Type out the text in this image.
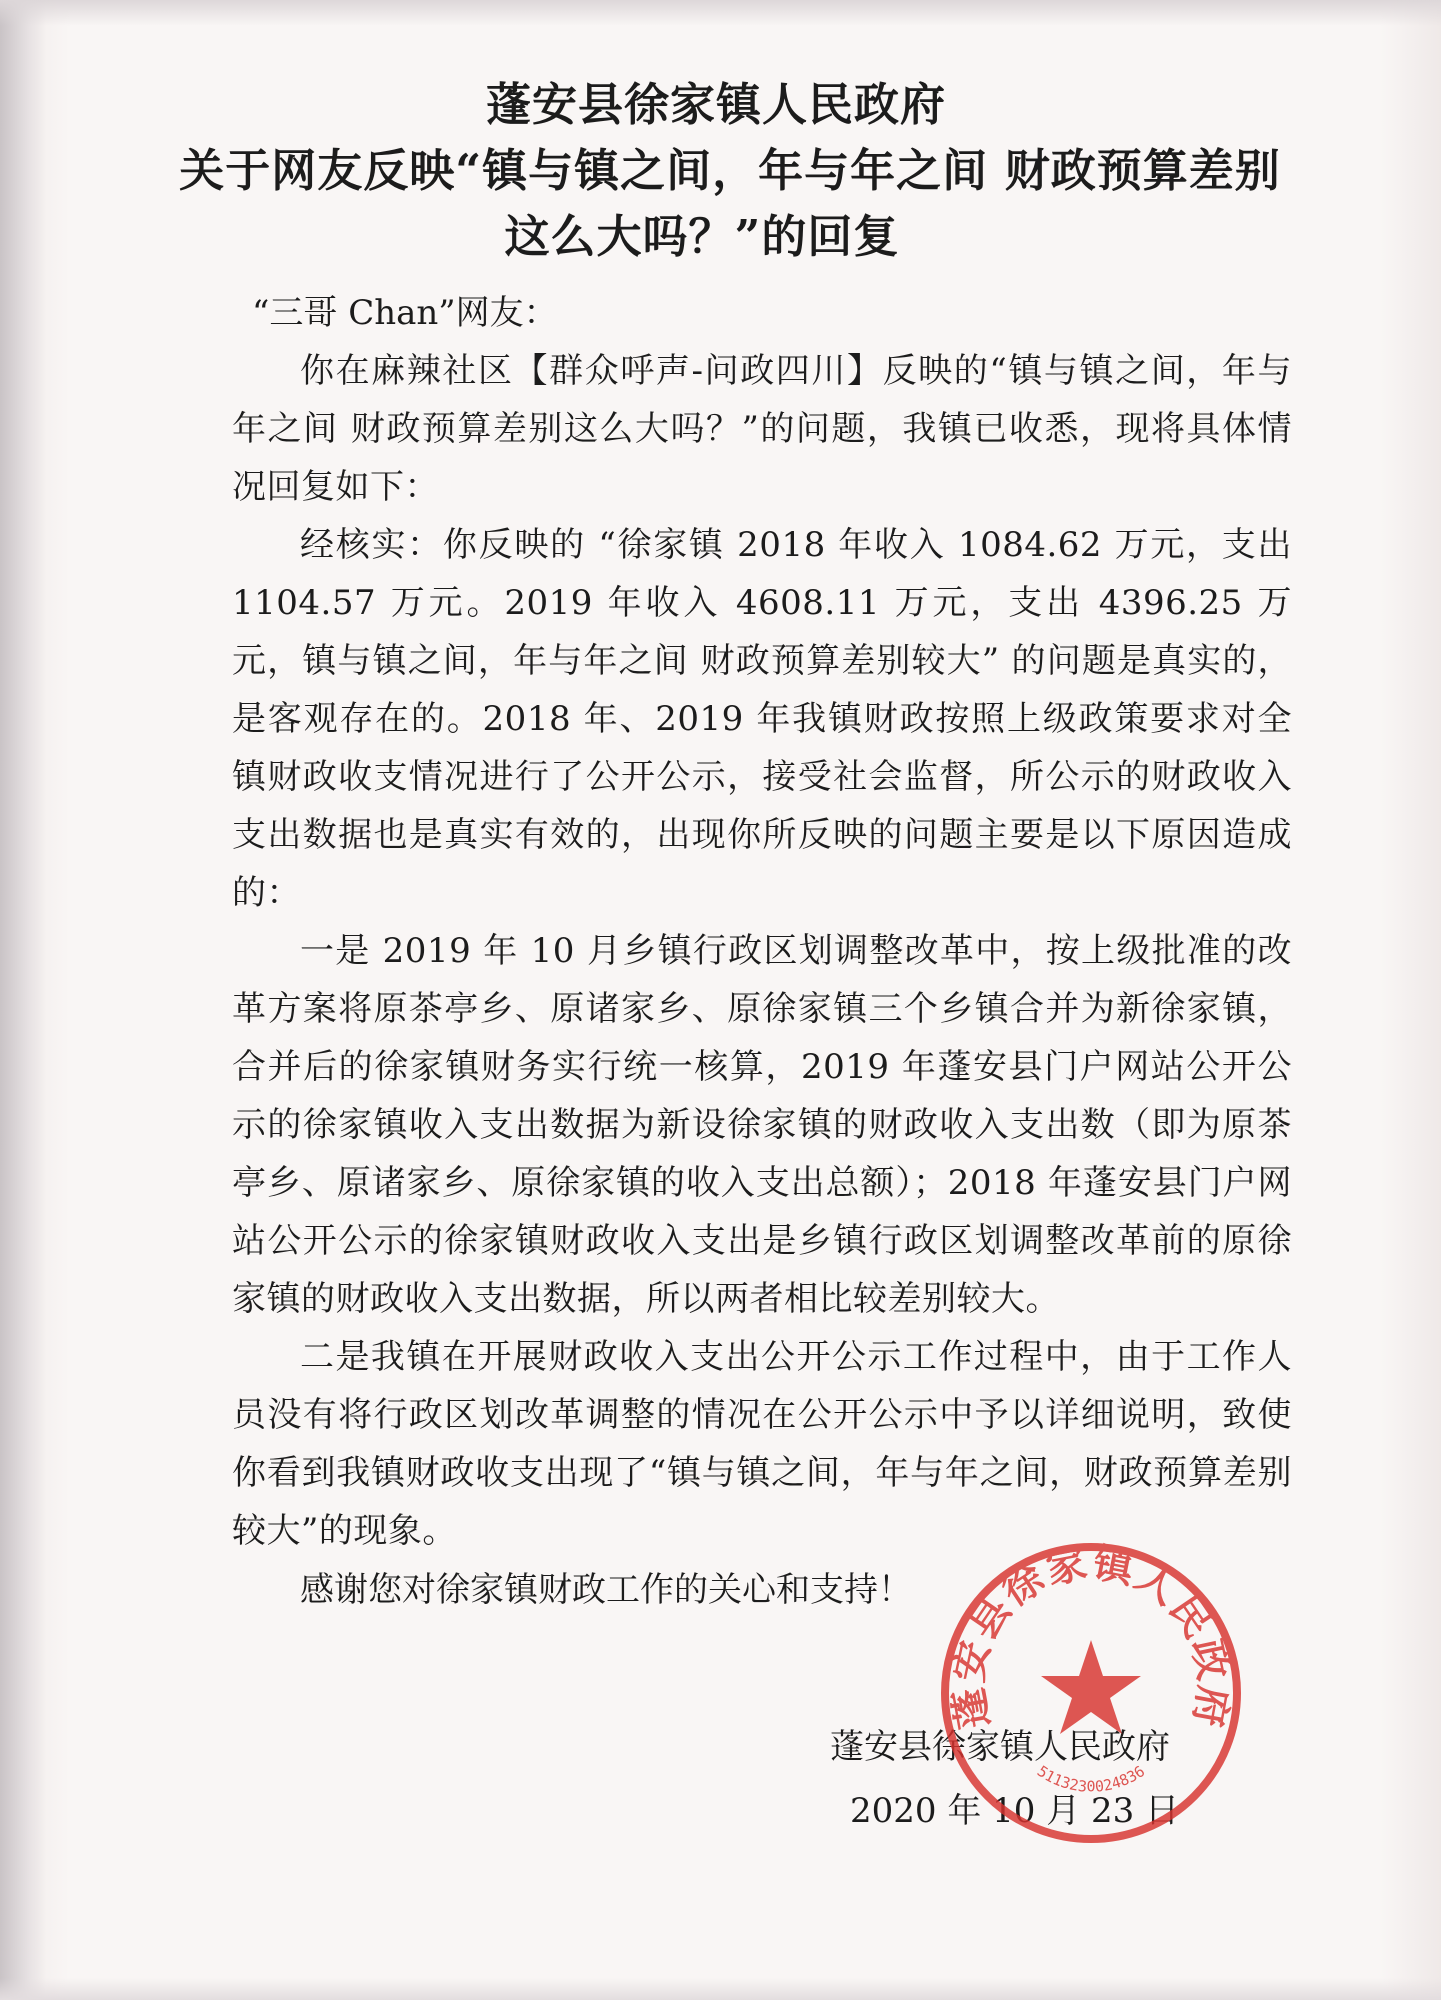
蓬安县徐家镇人民政府
关于网友反映“镇与镇之间，年与年之间 财政预算差别
这么大吗？”的回复
“三哥 Chan”网友：

你在麻辣社区【群众呼声-问政四川】反映的“镇与镇之间，年与年之间 财政预算差别这么大吗？”的问题，我镇已收悉，现将具体情况回复如下：

经核实：你反映的 “徐家镇 2018 年收入 1084.62 万元，支出 1104.57 万元。2019 年收入 4608.11 万元，支出 4396.25 万元，镇与镇之间，年与年之间 财政预算差别较大” 的问题是真实的，是客观存在的。2018 年、2019 年我镇财政按照上级政策要求对全镇财政收支情况进行了公开公示，接受社会监督，所公示的财政收入支出数据也是真实有效的，出现你所反映的问题主要是以下原因造成的：

一是 2019 年 10 月乡镇行政区划调整改革中，按上级批准的改革方案将原茶亭乡、原诸家乡、原徐家镇三个乡镇合并为新徐家镇，合并后的徐家镇财务实行统一核算，2019 年蓬安县门户网站公开公示的徐家镇收入支出数据为新设徐家镇的财政收入支出数（即为原茶亭乡、原诸家乡、原徐家镇的收入支出总额）；2018 年蓬安县门户网站公开公示的徐家镇财政收入支出是乡镇行政区划调整改革前的原徐家镇的财政收入支出数据，所以两者相比较差别较大。

二是我镇在开展财政收入支出公开公示工作过程中，由于工作人员没有将行政区划改革调整的情况在公开公示中予以详细说明，致使你看到我镇财政收支出现了“镇与镇之间，年与年之间，财政预算差别较大”的现象。

感谢您对徐家镇财政工作的关心和支持！
蓬安县徐家镇人民政府
2020 年 10 月 23 日
蓬安县徐家镇人民政府
5113230024836
